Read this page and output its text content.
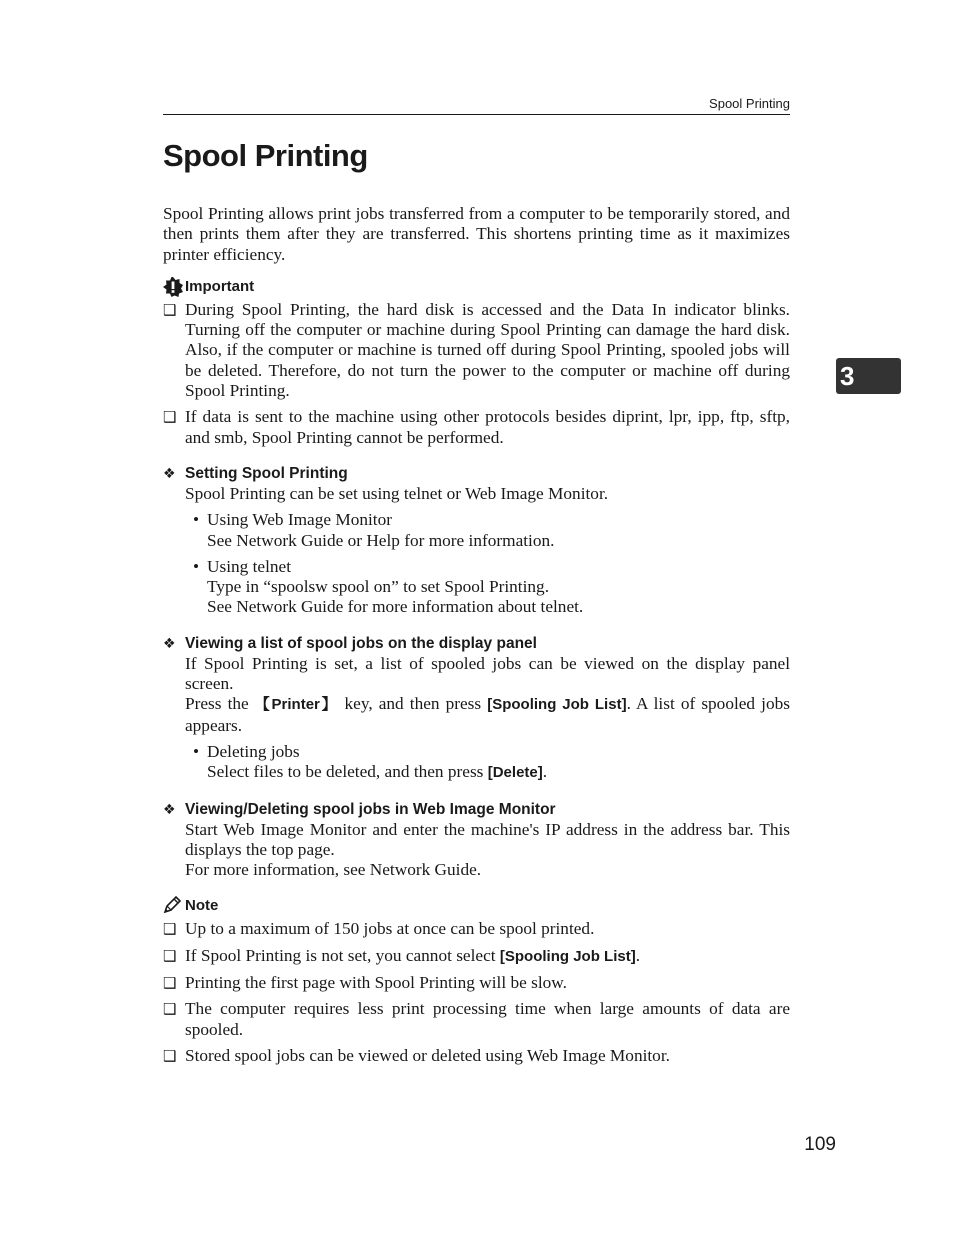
Spool Printing
Spool Printing
3

Spool Printing allows print jobs transferred from a computer to be temporarily stored, and then prints them after they are transferred. This shortens printing time as it maximizes printer efficiency.

Important
❑ During Spool Printing, the hard disk is accessed and the Data In indicator blinks. Turning off the computer or machine during Spool Printing can damage the hard disk. Also, if the computer or machine is turned off during Spool Printing, spooled jobs will be deleted. Therefore, do not turn the power to the computer or machine off during Spool Printing.
❑ If data is sent to the machine using other protocols besides diprint, lpr, ipp, ftp, sftp, and smb, Spool Printing cannot be performed.
❖ Setting Spool Printing

Spool Printing can be set using telnet or Web Image Monitor.

• Using Web Image Monitor

See Network Guide or Help for more information.

• Using telnet

Type in “spoolsw spool on” to set Spool Printing.

See Network Guide for more information about telnet.

❖ Viewing a list of spool jobs on the display panel

If Spool Printing is set, a list of spooled jobs can be viewed on the display panel screen.

Press the 【Printer】 key, and then press [Spooling Job List]. A list of spooled jobs appears.

• Deleting jobs

Select files to be deleted, and then press [Delete].

❖ Viewing/Deleting spool jobs in Web Image Monitor

Start Web Image Monitor and enter the machine's IP address in the address bar. This displays the top page.

For more information, see Network Guide.

Note
❑ Up to a maximum of 150 jobs at once can be spool printed.
❑ If Spool Printing is not set, you cannot select [Spooling Job List].
❑ Printing the first page with Spool Printing will be slow.
❑ The computer requires less print processing time when large amounts of data are spooled.
❑ Stored spool jobs can be viewed or deleted using Web Image Monitor.
109
